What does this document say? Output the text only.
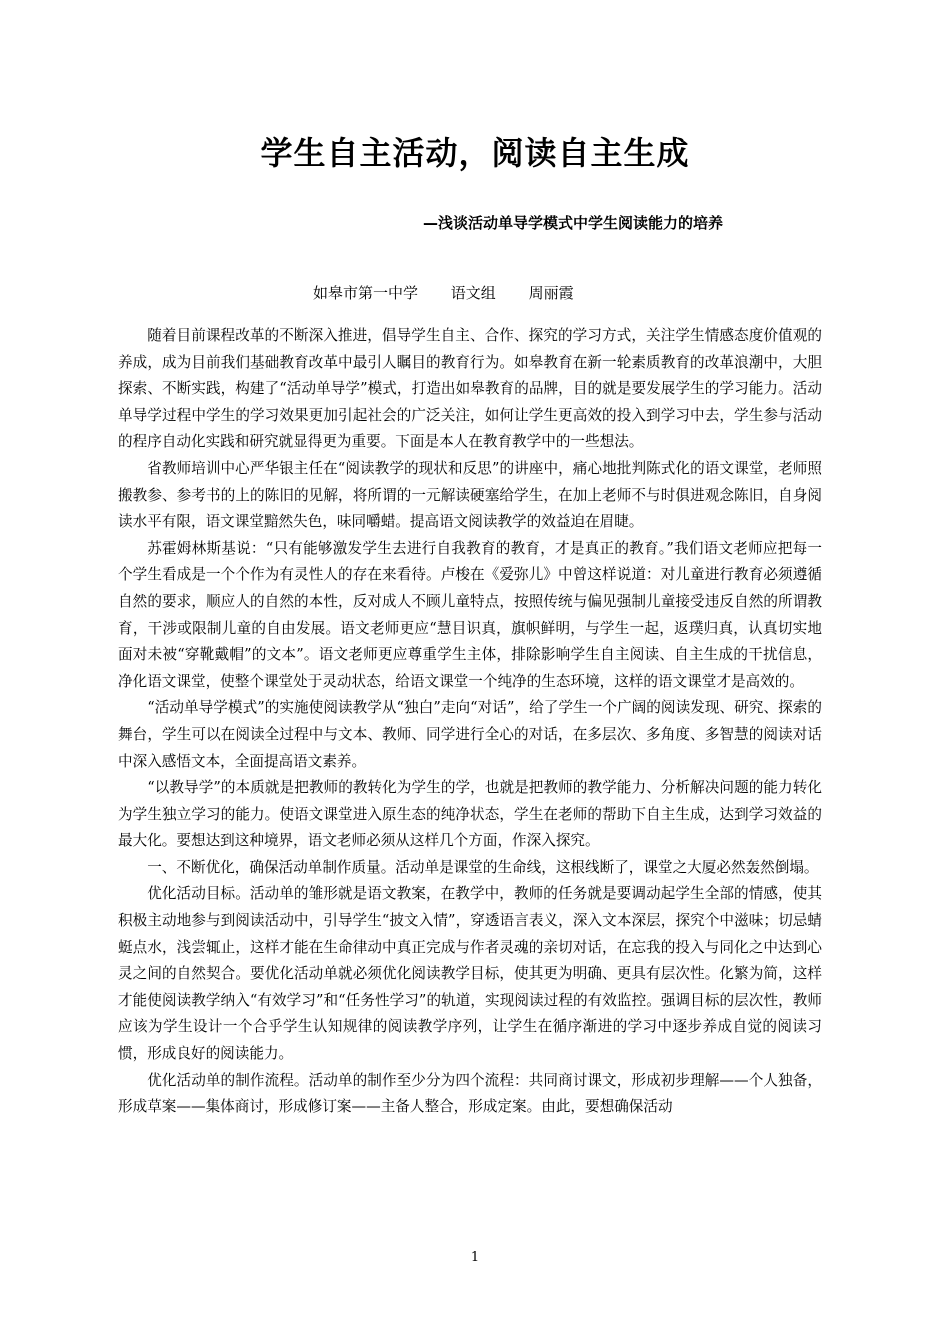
学生自主活动，阅读自主生成
—浅谈活动单导学模式中学生阅读能力的培养
如皋市第一中学 语文组 周丽霞

随着目前课程改革的不断深入推进，倡导学生自主、合作、探究的学习方式，关注学生情感态度价值观的养成，成为目前我们基础教育改革中最引人瞩目的教育行为。如皋教育在新一轮素质教育的改革浪潮中，大胆探索、不断实践，构建了“活动单导学”模式，打造出如皋教育的品牌，目的就是要发展学生的学习能力。活动单导学过程中学生的学习效果更加引起社会的广泛关注，如何让学生更高效的投入到学习中去，学生参与活动的程序自动化实践和研究就显得更为重要。下面是本人在教育教学中的一些想法。

省教师培训中心严华银主任在“阅读教学的现状和反思”的讲座中，痛心地批判陈式化的语文课堂，老师照搬教参、参考书的上的陈旧的见解，将所谓的一元解读硬塞给学生，在加上老师不与时俱进观念陈旧，自身阅读水平有限，语文课堂黯然失色，味同嚼蜡。提高语文阅读教学的效益迫在眉睫。

苏霍姆林斯基说：“只有能够激发学生去进行自我教育的教育，才是真正的教育。”我们语文老师应把每一个学生看成是一个个作为有灵性人的存在来看待。卢梭在《爱弥儿》中曾这样说道：对儿童进行教育必须遵循自然的要求，顺应人的自然的本性，反对成人不顾儿童特点，按照传统与偏见强制儿童接受违反自然的所谓教育，干涉或限制儿童的自由发展。语文老师更应“慧目识真，旗帜鲜明，与学生一起，返璞归真，认真切实地面对未被“穿靴戴帽”的文本”。语文老师更应尊重学生主体，排除影响学生自主阅读、自主生成的干扰信息，净化语文课堂，使整个课堂处于灵动状态，给语文课堂一个纯净的生态环境，这样的语文课堂才是高效的。

“活动单导学模式”的实施使阅读教学从“独白”走向“对话”，给了学生一个广阔的阅读发现、研究、探索的舞台，学生可以在阅读全过程中与文本、教师、同学进行全心的对话，在多层次、多角度、多智慧的阅读对话中深入感悟文本，全面提高语文素养。

“以教导学”的本质就是把教师的教转化为学生的学，也就是把教师的教学能力、分析解决问题的能力转化为学生独立学习的能力。使语文课堂进入原生态的纯净状态，学生在老师的帮助下自主生成，达到学习效益的最大化。要想达到这种境界，语文老师必须从这样几个方面，作深入探究。

一、不断优化，确保活动单制作质量。活动单是课堂的生命线，这根线断了，课堂之大厦必然轰然倒塌。

优化活动目标。活动单的雏形就是语文教案，在教学中，教师的任务就是要调动起学生全部的情感，使其积极主动地参与到阅读活动中，引导学生“披文入情”，穿透语言表义，深入文本深层，探究个中滋味；切忌蜻蜓点水，浅尝辄止，这样才能在生命律动中真正完成与作者灵魂的亲切对话，在忘我的投入与同化之中达到心灵之间的自然契合。要优化活动单就必须优化阅读教学目标，使其更为明确、更具有层次性。化繁为简，这样才能使阅读教学纳入“有效学习”和“任务性学习”的轨道，实现阅读过程的有效监控。强调目标的层次性，教师应该为学生设计一个合乎学生认知规律的阅读教学序列，让学生在循序渐进的学习中逐步养成自觉的阅读习惯，形成良好的阅读能力。

优化活动单的制作流程。活动单的制作至少分为四个流程：共同商讨课文，形成初步理解——个人独备，形成草案——集体商讨，形成修订案——主备人整合，形成定案。由此，要想确保活动

1
